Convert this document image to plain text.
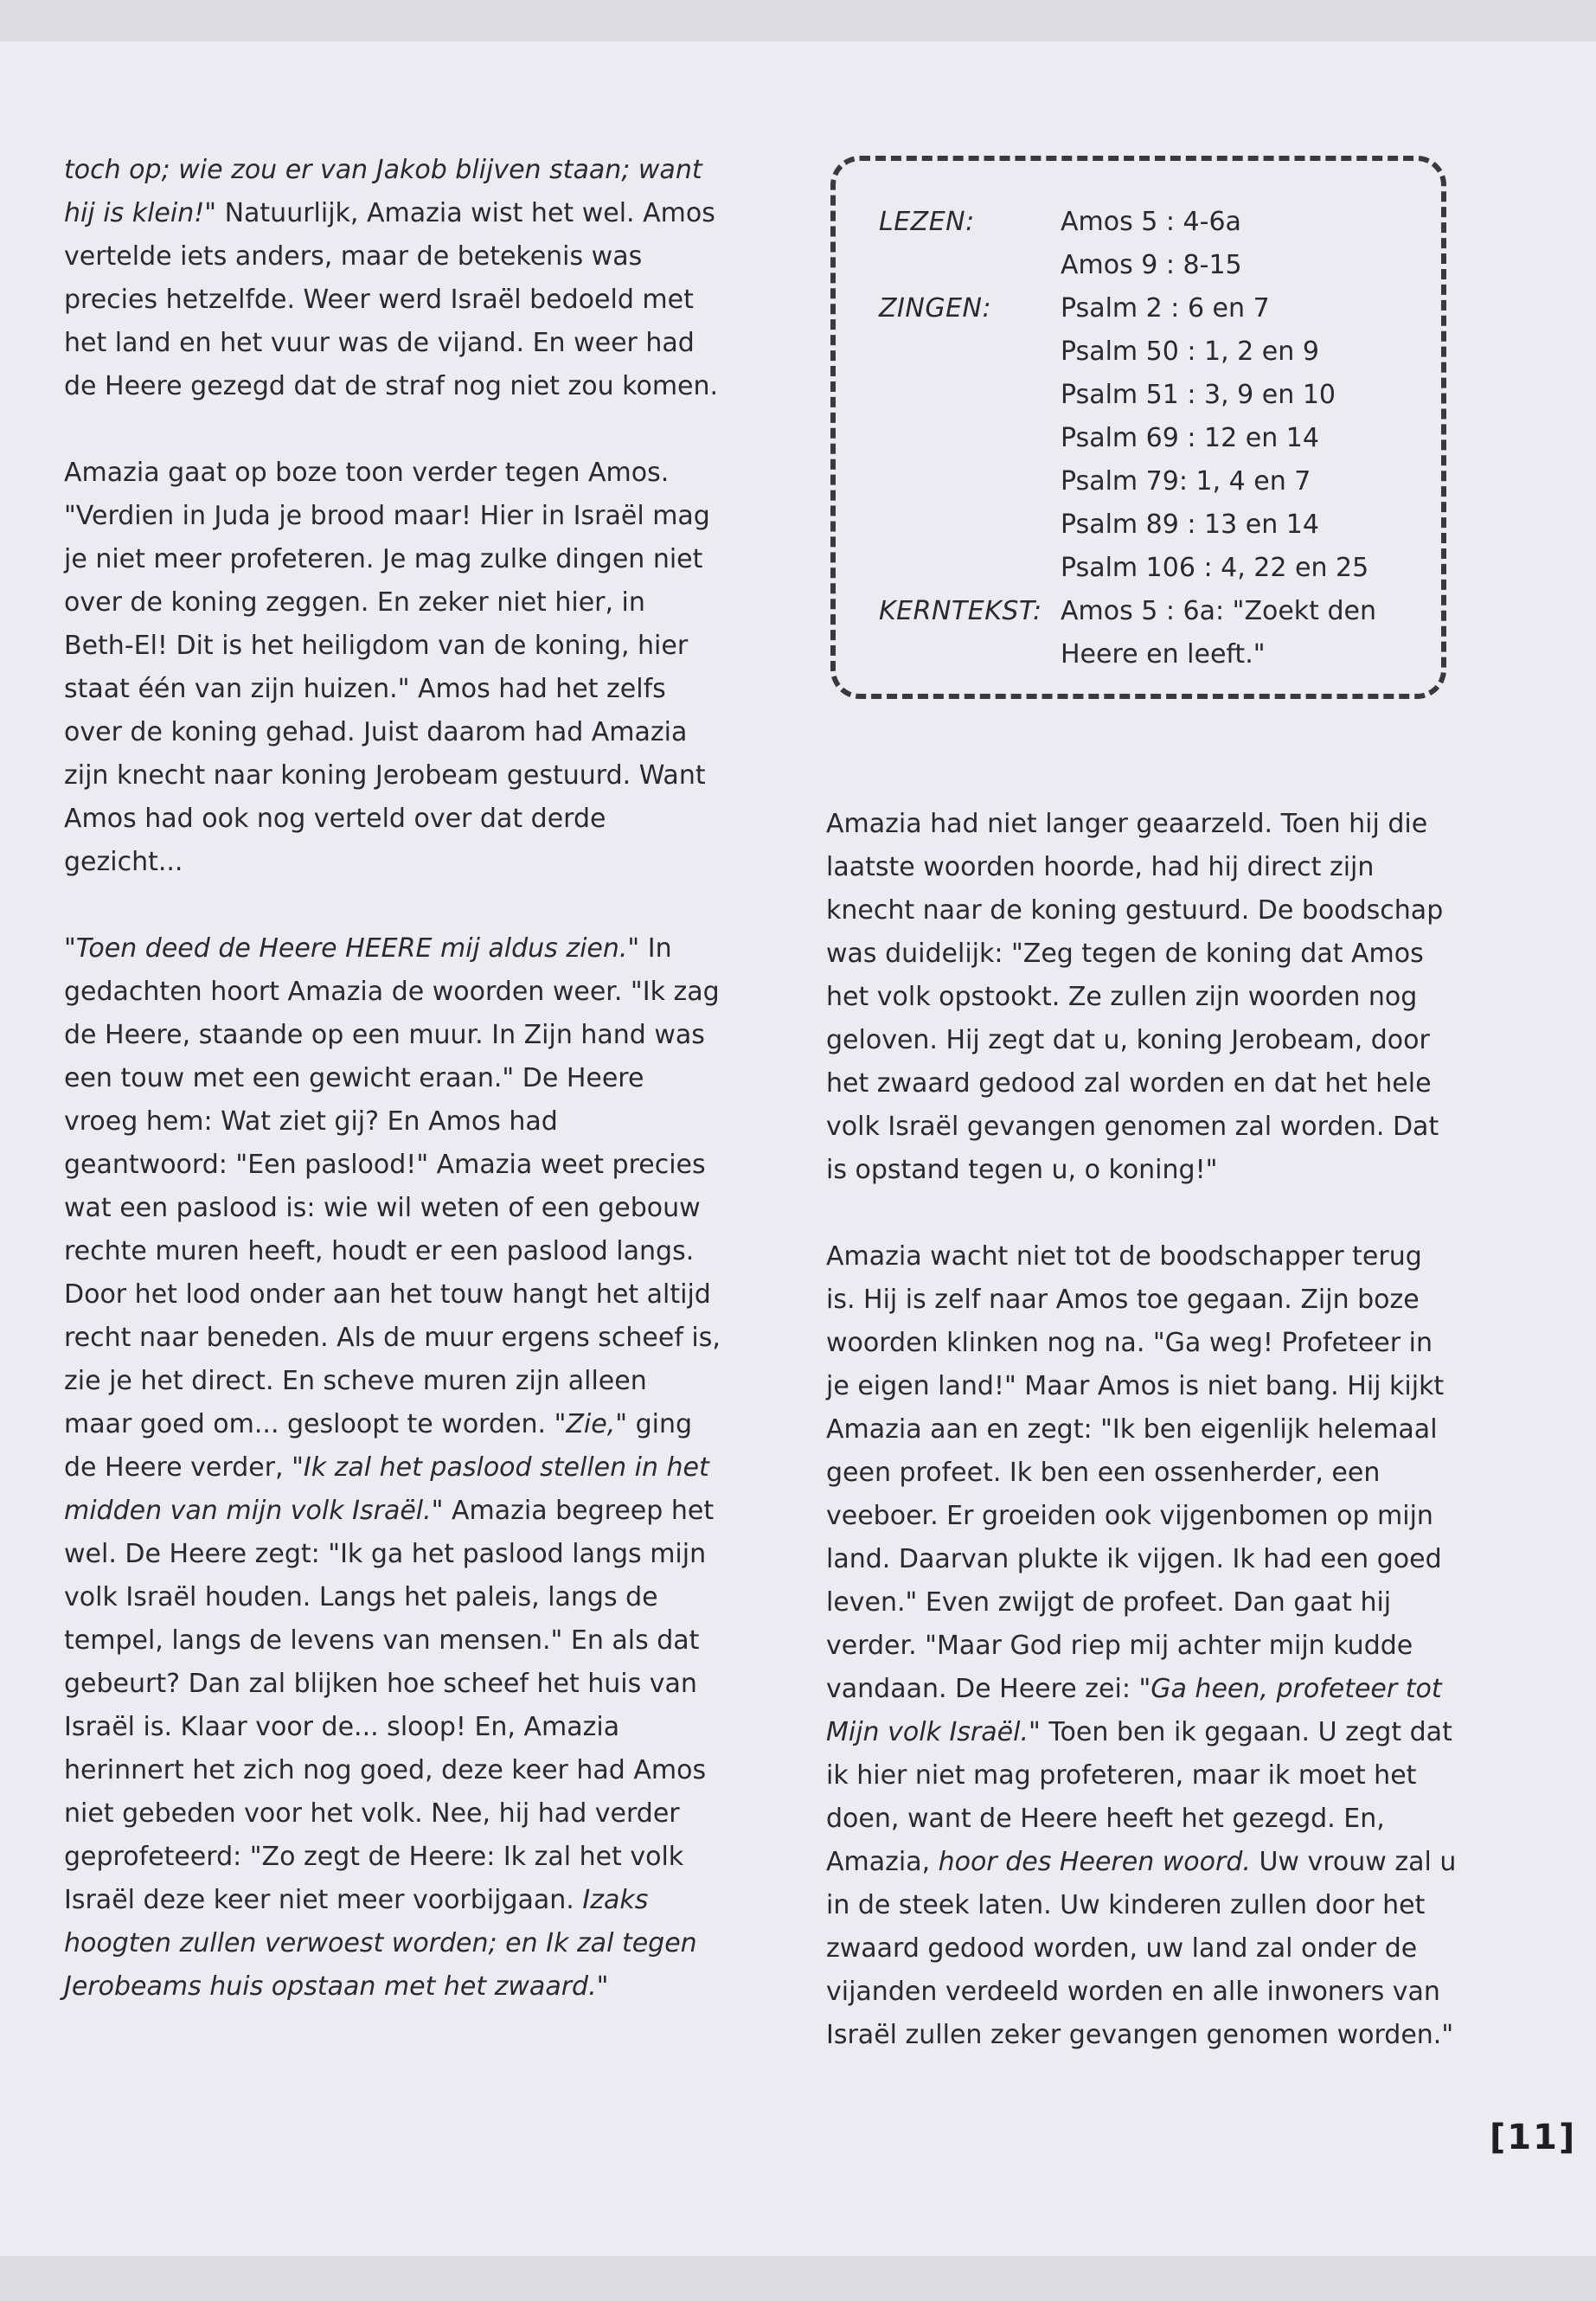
toch op; wie zou er van Jakob blijven staan; want hij is klein!" Natuurlijk, Amazia wist het wel. Amos vertelde iets anders, maar de betekenis was precies hetzelfde. Weer werd Israël bedoeld met het land en het vuur was de vijand. En weer had de Heere gezegd dat de straf nog niet zou komen.

Amazia gaat op boze toon verder tegen Amos. "Verdien in Juda je brood maar! Hier in Israël mag je niet meer profeteren. Je mag zulke dingen niet over de koning zeggen. En zeker niet hier, in Beth-El! Dit is het heiligdom van de koning, hier staat één van zijn huizen." Amos had het zelfs over de koning gehad. Juist daarom had Amazia zijn knecht naar koning Jerobeam gestuurd. Want Amos had ook nog verteld over dat derde gezicht...

"Toen deed de Heere HEERE mij aldus zien." In gedachten hoort Amazia de woorden weer. "Ik zag de Heere, staande op een muur. In Zijn hand was een touw met een gewicht eraan." De Heere vroeg hem: Wat ziet gij? En Amos had geantwoord: "Een paslood!" Amazia weet precies wat een paslood is: wie wil weten of een gebouw rechte muren heeft, houdt er een paslood langs. Door het lood onder aan het touw hangt het altijd recht naar beneden. Als de muur ergens scheef is, zie je het direct. En scheve muren zijn alleen maar goed om... gesloopt te worden. "Zie," ging de Heere verder, "Ik zal het paslood stellen in het midden van mijn volk Israël." Amazia begreep het wel. De Heere zegt: "Ik ga het paslood langs mijn volk Israël houden. Langs het paleis, langs de tempel, langs de levens van mensen." En als dat gebeurt? Dan zal blijken hoe scheef het huis van Israël is. Klaar voor de... sloop! En, Amazia herinnert het zich nog goed, deze keer had Amos niet gebeden voor het volk. Nee, hij had verder geprofeteerd: "Zo zegt de Heere: Ik zal het volk Israël deze keer niet meer voorbijgaan. Izaks hoogten zullen verwoest worden; en Ik zal tegen Jerobeams huis opstaan met het zwaard."

LEZEN:	Amos 5 : 4-6a
Amos 9 : 8-15
ZINGEN:	Psalm 2 : 6 en 7
Psalm 50 : 1, 2 en 9
Psalm 51 : 3, 9 en 10
Psalm 69 : 12 en 14
Psalm 79: 1, 4 en 7
Psalm 89 : 13 en 14
Psalm 106 : 4, 22 en 25
KERNTEKST: Amos 5 : 6a: "Zoekt den
Heere en leeft."

Amazia had niet langer geaarzeld. Toen hij die laatste woorden hoorde, had hij direct zijn knecht naar de koning gestuurd. De boodschap was duidelijk: "Zeg tegen de koning dat Amos het volk opstookt. Ze zullen zijn woorden nog geloven. Hij zegt dat u, koning Jerobeam, door het zwaard gedood zal worden en dat het hele volk Israël gevangen genomen zal worden. Dat is opstand tegen u, o koning!"

Amazia wacht niet tot de boodschapper terug is. Hij is zelf naar Amos toe gegaan. Zijn boze woorden klinken nog na. "Ga weg! Profeteer in je eigen land!" Maar Amos is niet bang. Hij kijkt Amazia aan en zegt: "Ik ben eigenlijk helemaal geen profeet. Ik ben een ossenherder, een veeboer. Er groeiden ook vijgenbomen op mijn land. Daarvan plukte ik vijgen. Ik had een goed leven." Even zwijgt de profeet. Dan gaat hij verder. "Maar God riep mij achter mijn kudde vandaan. De Heere zei: "Ga heen, profeteer tot Mijn volk Israël." Toen ben ik gegaan. U zegt dat ik hier niet mag profeteren, maar ik moet het doen, want de Heere heeft het gezegd. En, Amazia, hoor des Heeren woord. Uw vrouw zal u in de steek laten. Uw kinderen zullen door het zwaard gedood worden, uw land zal onder de vijanden verdeeld worden en alle inwoners van Israël zullen zeker gevangen genomen worden."

[11]
